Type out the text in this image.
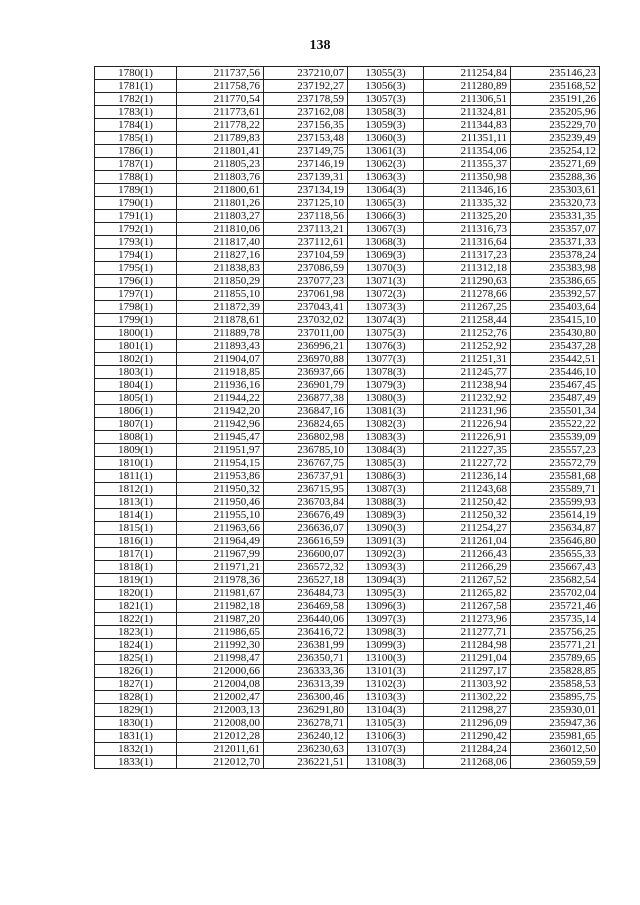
138
1780(1)	211737,56	237210,07	13055(3)	211254,84	235146,23
1781(1)	211758,76	237192,27	13056(3)	211280,89	235168,52
1782(1)	211770,54	237178,59	13057(3)	211306,51	235191,26
1783(1)	211773,61	237162,08	13058(3)	211324,81	235205,96
1784(1)	211778,22	237156,35	13059(3)	211344,83	235229,70
1785(1)	211789,83	237153,48	13060(3)	211351,11	235239,49
1786(1)	211801,41	237149,75	13061(3)	211354,06	235254,12
1787(1)	211805,23	237146,19	13062(3)	211355,37	235271,69
1788(1)	211803,76	237139,31	13063(3)	211350,98	235288,36
1789(1)	211800,61	237134,19	13064(3)	211346,16	235303,61
1790(1)	211801,26	237125,10	13065(3)	211335,32	235320,73
1791(1)	211803,27	237118,56	13066(3)	211325,20	235331,35
1792(1)	211810,06	237113,21	13067(3)	211316,73	235357,07
1793(1)	211817,40	237112,61	13068(3)	211316,64	235371,33
1794(1)	211827,16	237104,59	13069(3)	211317,23	235378,24
1795(1)	211838,83	237086,59	13070(3)	211312,18	235383,98
1796(1)	211850,29	237077,23	13071(3)	211290,63	235386,65
1797(1)	211855,10	237061,98	13072(3)	211278,66	235392,57
1798(1)	211872,39	237043,41	13073(3)	211267,25	235403,64
1799(1)	211878,61	237032,02	13074(3)	211258,44	235415,10
1800(1)	211889,78	237011,00	13075(3)	211252,76	235430,80
1801(1)	211893,43	236996,21	13076(3)	211252,92	235437,28
1802(1)	211904,07	236970,88	13077(3)	211251,31	235442,51
1803(1)	211918,85	236937,66	13078(3)	211245,77	235446,10
1804(1)	211936,16	236901,79	13079(3)	211238,94	235467,45
1805(1)	211944,22	236877,38	13080(3)	211232,92	235487,49
1806(1)	211942,20	236847,16	13081(3)	211231,96	235501,34
1807(1)	211942,96	236824,65	13082(3)	211226,94	235522,22
1808(1)	211945,47	236802,98	13083(3)	211226,91	235539,09
1809(1)	211951,97	236785,10	13084(3)	211227,35	235557,23
1810(1)	211954,15	236767,75	13085(3)	211227,72	235572,79
1811(1)	211953,86	236737,91	13086(3)	211236,14	235581,68
1812(1)	211950,32	236715,95	13087(3)	211243,68	235589,71
1813(1)	211950,46	236703,84	13088(3)	211250,42	235599,93
1814(1)	211955,10	236676,49	13089(3)	211250,32	235614,19
1815(1)	211963,66	236636,07	13090(3)	211254,27	235634,87
1816(1)	211964,49	236616,59	13091(3)	211261,04	235646,80
1817(1)	211967,99	236600,07	13092(3)	211266,43	235655,33
1818(1)	211971,21	236572,32	13093(3)	211266,29	235667,43
1819(1)	211978,36	236527,18	13094(3)	211267,52	235682,54
1820(1)	211981,67	236484,73	13095(3)	211265,82	235702,04
1821(1)	211982,18	236469,58	13096(3)	211267,58	235721,46
1822(1)	211987,20	236440,06	13097(3)	211273,96	235735,14
1823(1)	211986,65	236416,72	13098(3)	211277,71	235756,25
1824(1)	211992,30	236381,99	13099(3)	211284,98	235771,21
1825(1)	211998,47	236350,71	13100(3)	211291,04	235789,65
1826(1)	212000,66	236333,36	13101(3)	211297,17	235828,85
1827(1)	212004,08	236313,39	13102(3)	211303,92	235858,53
1828(1)	212002,47	236300,46	13103(3)	211302,22	235895,75
1829(1)	212003,13	236291,80	13104(3)	211298,27	235930,01
1830(1)	212008,00	236278,71	13105(3)	211296,09	235947,36
1831(1)	212012,28	236240,12	13106(3)	211290,42	235981,65
1832(1)	212011,61	236230,63	13107(3)	211284,24	236012,50
1833(1)	212012,70	236221,51	13108(3)	211268,06	236059,59
